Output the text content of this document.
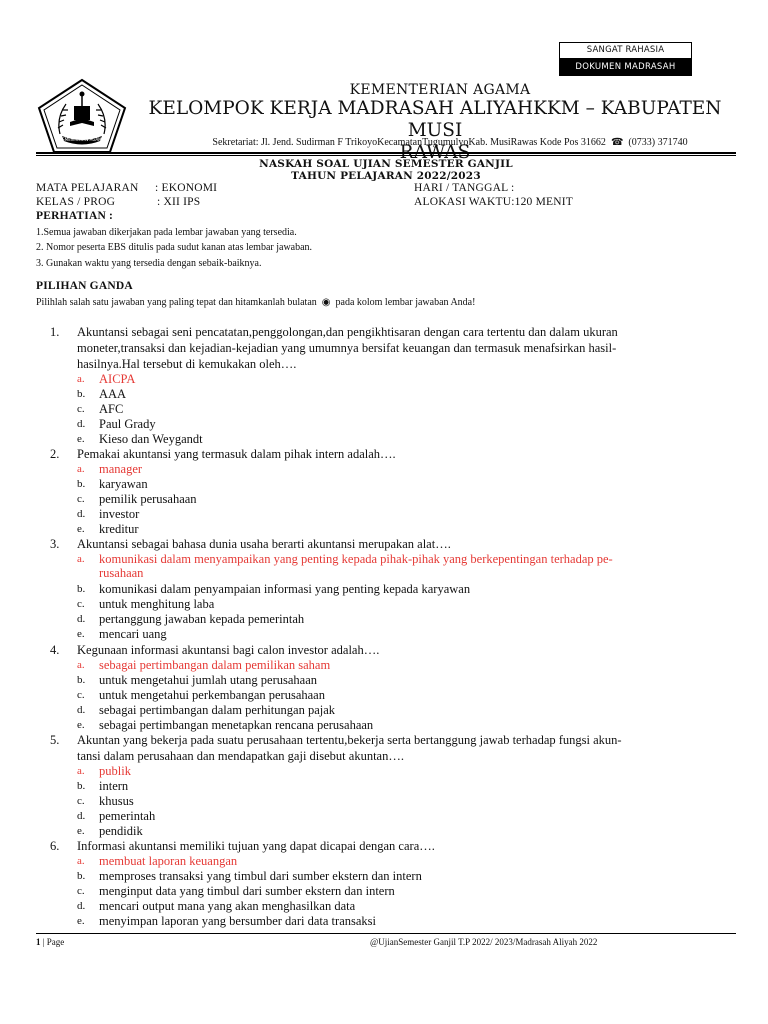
SANGAT RAHASIA
DOKUMEN MADRASAH
KEMENTERIAN AGAMA
KEMENTERIAN AGAMA
KELOMPOK KERJA MADRASAH ALIYAHKKM – KABUPATEN MUSI
RAWAS
Sekretariat: Jl. Jend. Sudirman F TrikoyoKecamatanTugumulyoKab. MusiRawas Kode Pos 31662  ☎  (0733) 371740
NASKAH SOAL UJIAN SEMESTER GANJIL
TAHUN PELAJARAN 2022/2023
MATA PELAJARAN : EKONOMI	HARI / TANGGAL :
KELAS / PROG	: XII IPS	ALOKASI WAKTU:120 MENIT
PERHATIAN :
1.Semua jawaban dikerjakan pada lembar jawaban yang tersedia.
2. Nomor peserta EBS ditulis pada sudut kanan atas lembar jawaban.
3. Gunakan waktu yang tersedia dengan sebaik-baiknya.
PILIHAN GANDA
Pilihlah salah satu jawaban yang paling tepat dan hitamkanlah bulatan  ◉  pada kolom lembar jawaban Anda!
1. Akuntansi sebagai seni pencatatan,penggolongan,dan pengikhtisaran dengan cara tertentu dan dalam ukuran
moneter,transaksi dan kejadian-kejadian yang umumnya bersifat keuangan dan termasuk menafsirkan hasil-
hasilnya.Hal tersebut di kemukakan oleh….
a. AICPA
b. AAA
c. AFC
d. Paul Grady
e. Kieso dan Weygandt
2. Pemakai akuntansi yang termasuk dalam pihak intern adalah….
a. manager
b. karyawan
c. pemilik perusahaan
d. investor
e. kreditur
3. Akuntansi sebagai bahasa dunia usaha berarti akuntansi merupakan alat….
a. komunikasi dalam menyampaikan yang penting kepada pihak-pihak yang berkepentingan terhadap pe-
rusahaan
b. komunikasi dalam penyampaian informasi yang penting kepada karyawan
c. untuk menghitung laba
d. pertanggung jawaban kepada pemerintah
e. mencari uang
4. Kegunaan informasi akuntansi bagi calon investor adalah….
a. sebagai pertimbangan dalam pemilikan saham
b. untuk mengetahui jumlah utang perusahaan
c. untuk mengetahui perkembangan perusahaan
d. sebagai pertimbangan dalam perhitungan pajak
e. sebagai pertimbangan menetapkan rencana perusahaan
5. Akuntan yang bekerja pada suatu perusahaan tertentu,bekerja serta bertanggung jawab terhadap fungsi akun-
tansi dalam perusahaan dan mendapatkan gaji disebut akuntan….
a. publik
b. intern
c. khusus
d. pemerintah
e. pendidik
6. Informasi akuntansi memiliki tujuan yang dapat dicapai dengan cara….
a. membuat laporan keuangan
b. memproses transaksi yang timbul dari sumber ekstern dan intern
c. menginput data yang timbul dari sumber ekstern dan intern
d. mencari output mana yang akan menghasilkan data
e. menyimpan laporan yang bersumber dari data transaksi
1 | Page	@UjianSemester Ganjil T.P 2022/ 2023/Madrasah Aliyah 2022
